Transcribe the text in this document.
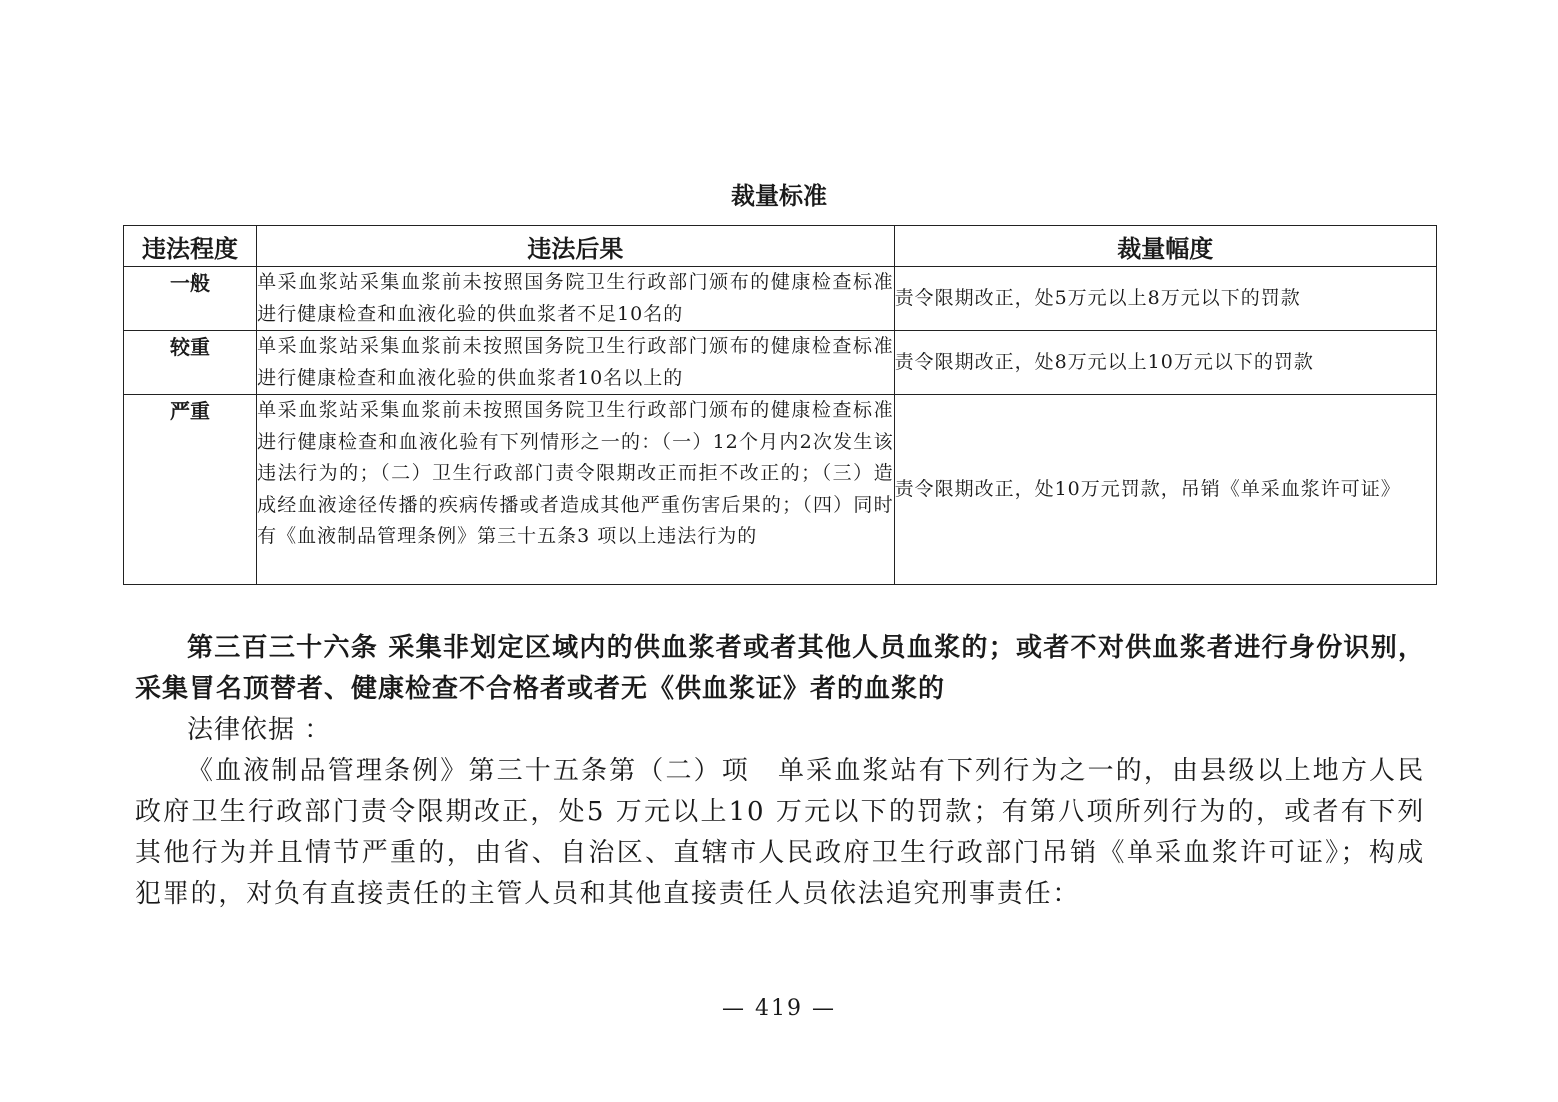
裁量标准
违法程度	违法后果	裁量幅度
一般	单采血浆站采集血浆前未按照国务院卫生行政部门颁布的健康检查标准进行健康检查和血液化验的供血浆者不足10名的	责令限期改正，处5万元以上8万元以下的罚款
较重	单采血浆站采集血浆前未按照国务院卫生行政部门颁布的健康检查标准进行健康检查和血液化验的供血浆者10名以上的	责令限期改正，处8万元以上10万元以下的罚款
严重	单采血浆站采集血浆前未按照国务院卫生行政部门颁布的健康检查标准进行健康检查和血液化验有下列情形之一的：（一）12个月内2次发生该违法行为的；（二）卫生行政部门责令限期改正而拒不改正的；（三）造成经血液途径传播的疾病传播或者造成其他严重伤害后果的；（四）同时有《血液制品管理条例》第三十五条3 项以上违法行为的	责令限期改正，处10万元罚款，吊销《单采血浆许可证》

第三百三十六条 采集非划定区域内的供血浆者或者其他人员血浆的；或者不对供血浆者进行身份识别，采集冒名顶替者、健康检查不合格者或者无《供血浆证》者的血浆的

法律依据 ：

《血液制品管理条例》第三十五条第（二）项　单采血浆站有下列行为之一的，由县级以上地方人民政府卫生行政部门责令限期改正，处5 万元以上10 万元以下的罚款；有第八项所列行为的，或者有下列其他行为并且情节严重的，由省、自治区、直辖市人民政府卫生行政部门吊销《单采血浆许可证》；构成犯罪的，对负有直接责任的主管人员和其他直接责任人员依法追究刑事责任：

— 419 —
